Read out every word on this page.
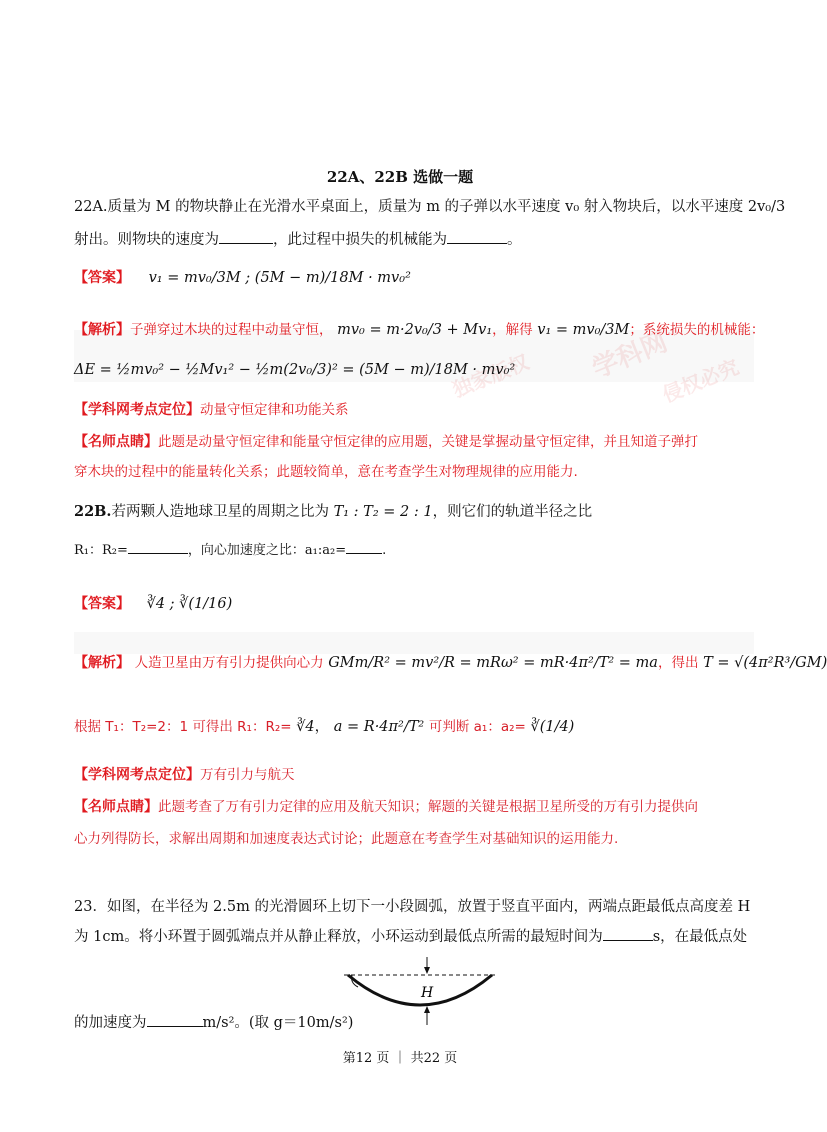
学科网
独家版权	侵权必究
22A、22B 选做一题
22A.质量为 M 的物块静止在光滑水平桌面上，质量为 m 的子弹以水平速度 v₀ 射入物块后，以水平速度 2v₀/3
射出。则物块的速度为	，此过程中损失的机械能为	。
【答案】 v₁ = mv₀/3M ; (5M − m)/18M · mv₀²
【解析】子弹穿过木块的过程中动量守恒， mv₀ = m·2v₀/3 + Mv₁，解得 v₁ = mv₀/3M；系统损失的机械能：
ΔE = ½mv₀² − ½Mv₁² − ½m(2v₀/3)² = (5M − m)/18M · mv₀²
【学科网考点定位】动量守恒定律和功能关系
【名师点睛】此题是动量守恒定律和能量守恒定律的应用题，关键是掌握动量守恒定律，并且知道子弹打
穿木块的过程中的能量转化关系；此题较简单，意在考查学生对物理规律的应用能力.
22B.若两颗人造地球卫星的周期之比为 T₁ : T₂ = 2 : 1，则它们的轨道半径之比
R₁：R₂=	，向心加速度之比：a₁:a₂=	.
【答案】 ∛4 ; ∛(1/16)
【解析】 人造卫星由万有引力提供向心力 GMm/R² = mv²/R = mRω² = mR·4π²/T² = ma，得出 T = √(4π²R³/GM)
根据 T₁：T₂=2：1 可得出 R₁：R₂= ∛4， a = R·4π²/T² 可判断 a₁：a₂= ∛(1/4)
【学科网考点定位】万有引力与航天
【名师点睛】此题考查了万有引力定律的应用及航天知识；解题的关键是根据卫星所受的万有引力提供向
心力列得防长，求解出周期和加速度表达式讨论；此题意在考查学生对基础知识的运用能力.
23．如图，在半径为 2.5m 的光滑圆环上切下一小段圆弧，放置于竖直平面内，两端点距最低点高度差 H
为 1cm。将小环置于圆弧端点并从静止释放，小环运动到最低点所需的最短时间为	s，在最低点处
H
的加速度为	m/s²。(取 g＝10m/s²)
第12 页 ｜ 共22 页
